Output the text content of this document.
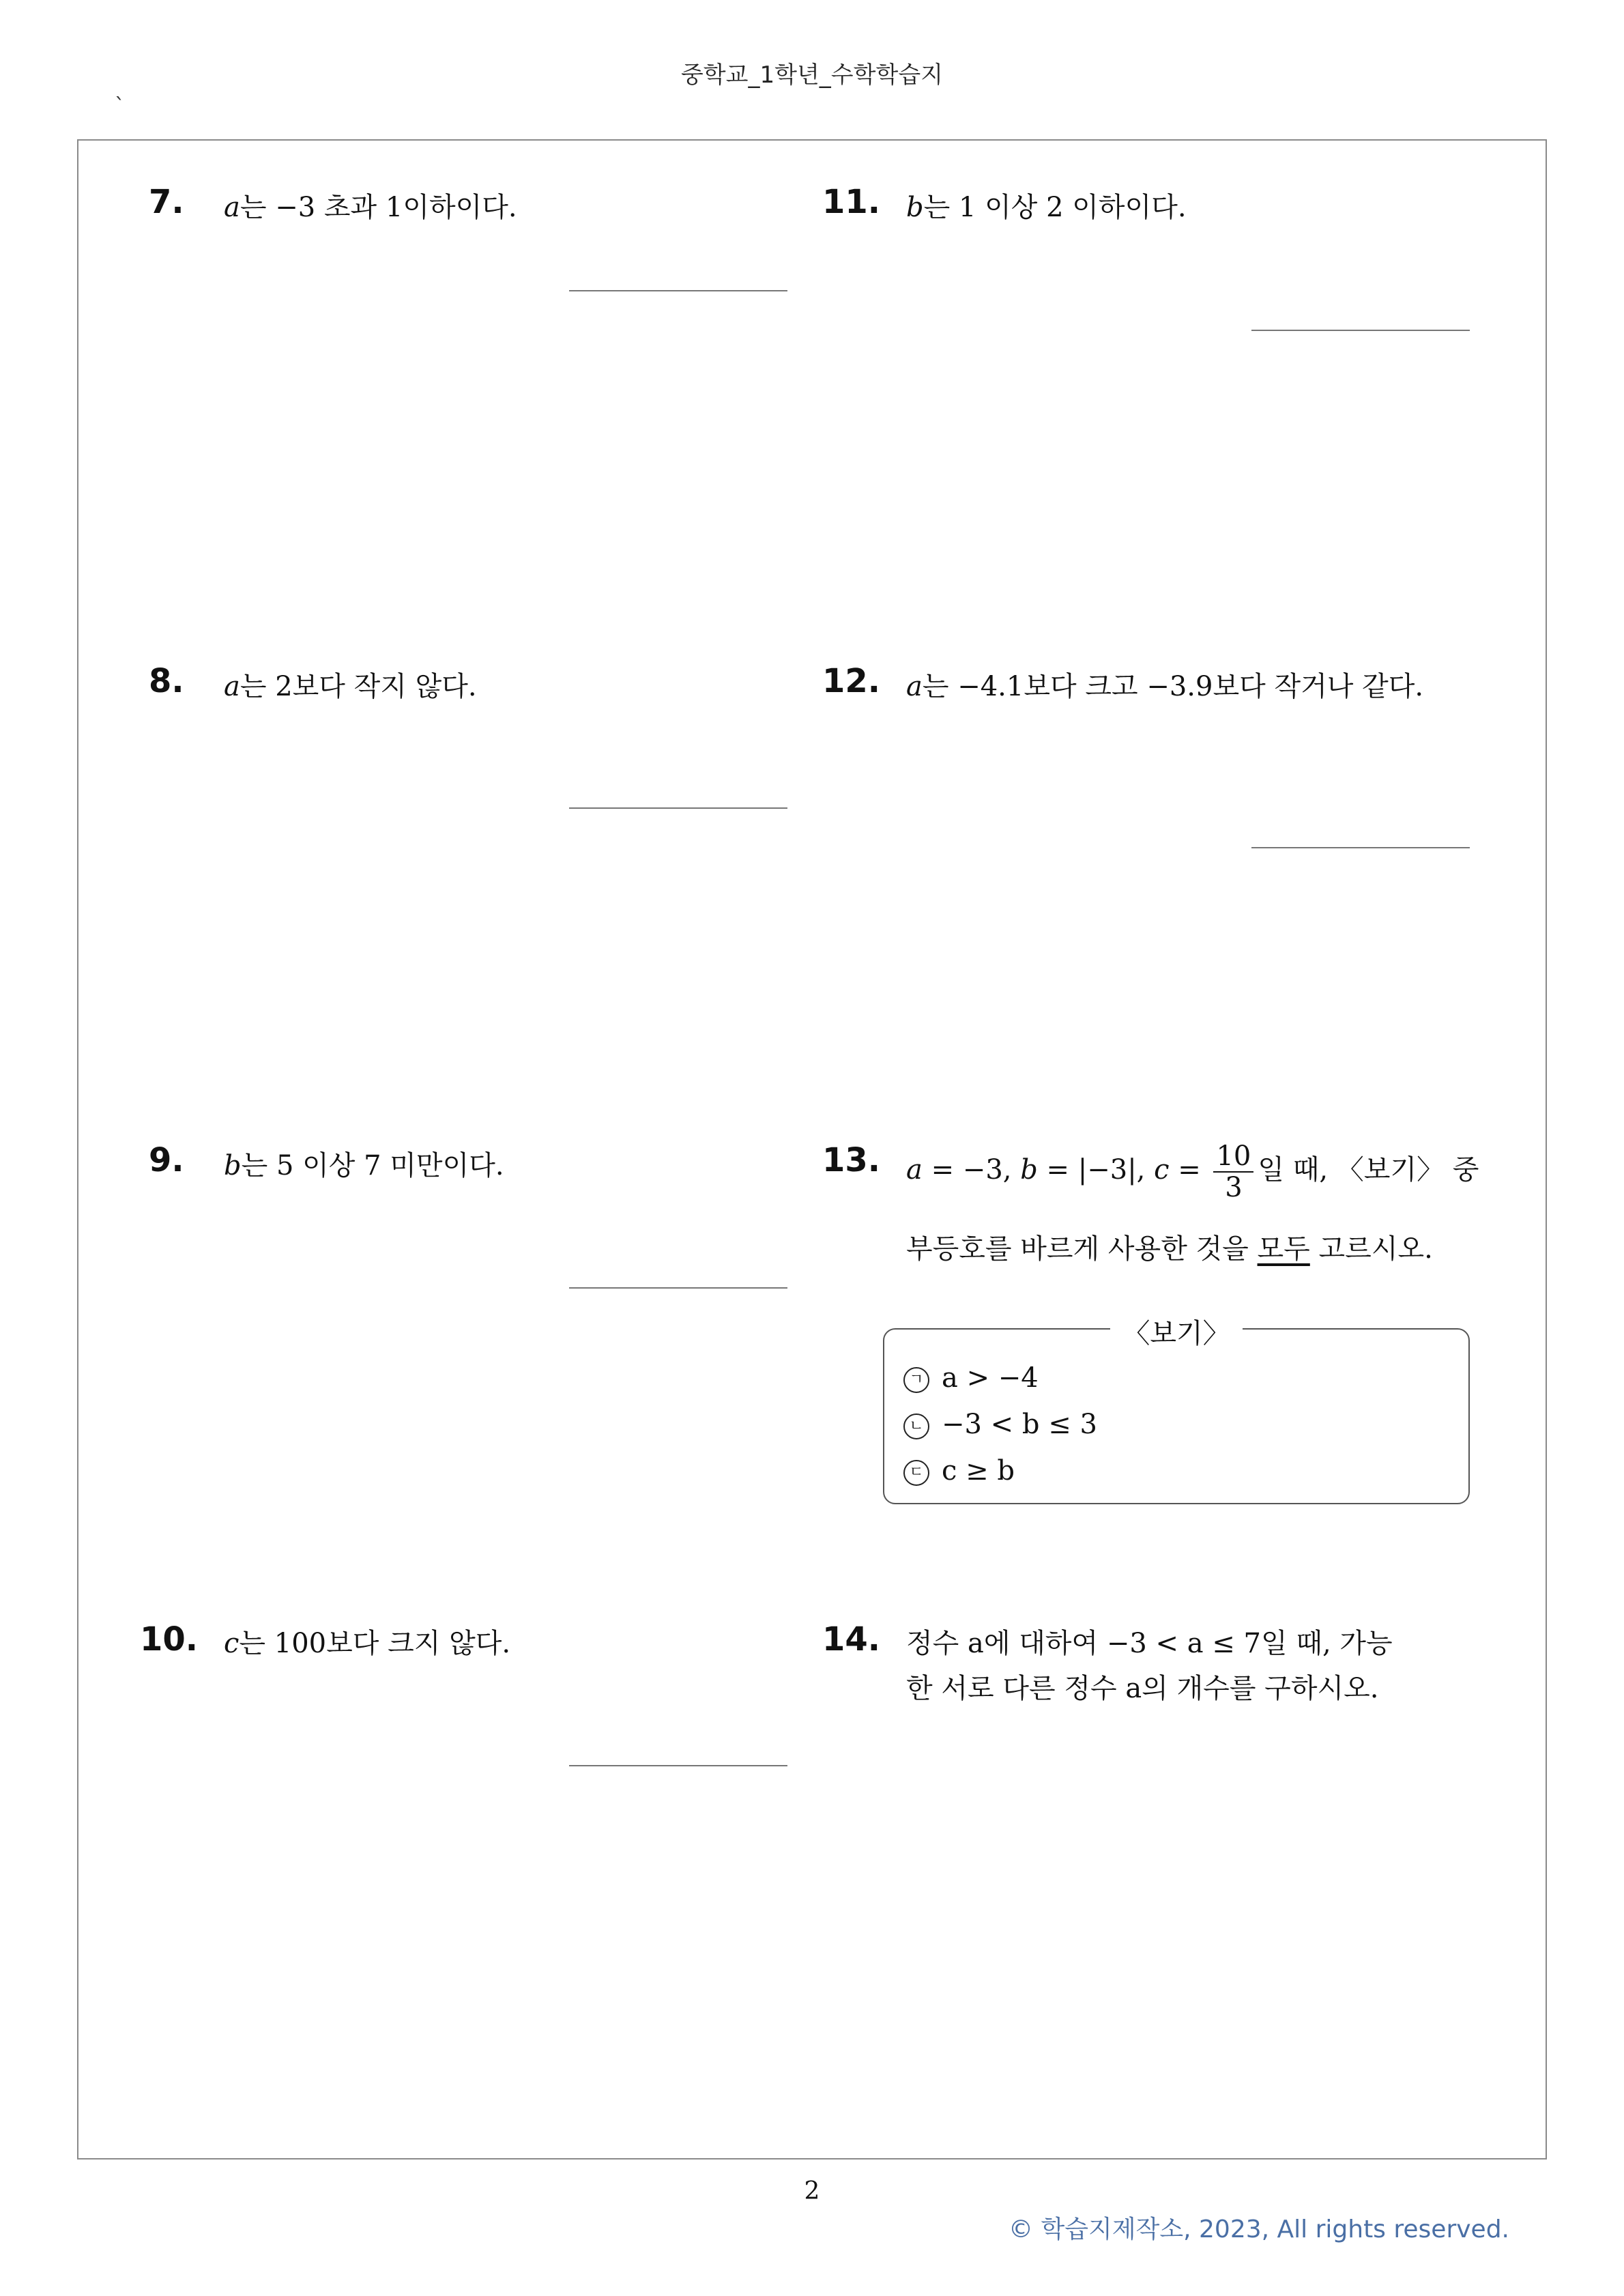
중학교_1학년_수학학습지
`
7. a는 −3 초과 1이하이다.
8. a는 2보다 작지 않다.
9. b는 5 이상 7 미만이다.
10. c는 100보다 크지 않다.
11. b는 1 이상 2 이하이다.
12. a는 −4.1보다 크고 −3.9보다 작거나 같다.
13. a = −3, b = |−3|, $c = \frac{10}{3}$ 일 때, 〈보기〉 중
부등호를 바르게 사용한 것을 모두 고르시오.
〈보기〉
ㄱ a > −4
ㄴ −3 < b ≤ 3
ㄷ c ≥ b
14. 정수 a에 대하여 −3 < a ≤ 7일 때, 가능
한 서로 다른 정수 a의 개수를 구하시오.
2
© 학습지제작소, 2023, All rights reserved.
